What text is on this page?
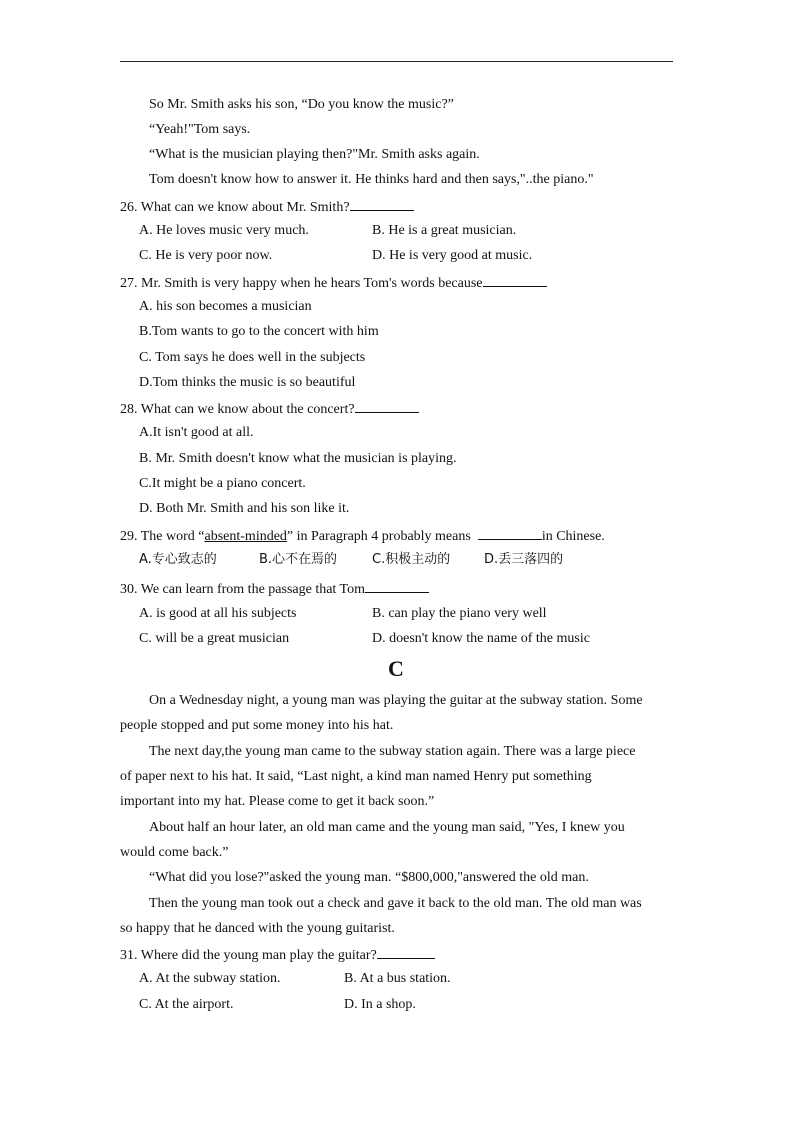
So Mr. Smith asks his son, “Do you know the music?”
“Yeah!"Tom says.
“What is the musician playing then?"Mr. Smith asks again.
Tom doesn't know how to answer it. He thinks hard and then says,"..the piano."
26. What can we know about Mr. Smith?
A. He loves music very much.	B. He is a great musician.
C. He is very poor now.	D. He is very good at music.
27. Mr. Smith is very happy when he hears Tom's words because
A. his son becomes a musician
B.Tom wants to go to the concert with him
C. Tom says he does well in the subjects
D.Tom thinks the music is so beautiful
28. What can we know about the concert?
A.It isn't good at all.
B. Mr. Smith doesn't know what the musician is playing.
C.It might be a piano concert.
D. Both Mr. Smith and his son like it.
29. The word “absent-minded” in Paragraph 4 probably means	in Chinese.
A.专心致志的	B.心不在焉的	C.积极主动的	D.丢三落四的
30. We can learn from the passage that Tom
A. is good at all his subjects	B. can play the piano very well
C. will be a great musician	D. doesn't know the name of the music
C
On a Wednesday night, a young man was playing the guitar at the subway station. Some
people stopped and put some money into his hat.
The next day,the young man came to the subway station again. There was a large piece
of paper next to his hat. It said, “Last night, a kind man named Henry put something
important into my hat. Please come to get it back soon.”
About half an hour later, an old man came and the young man said, "Yes, I knew you
would come back.”
“What did you lose?"asked the young man. “$800,000,"answered the old man.
Then the young man took out a check and gave it back to the old man. The old man was
so happy that he danced with the young guitarist.
31. Where did the young man play the guitar?
A. At the subway station.	B. At a bus station.
C. At the airport.	D. In a shop.
